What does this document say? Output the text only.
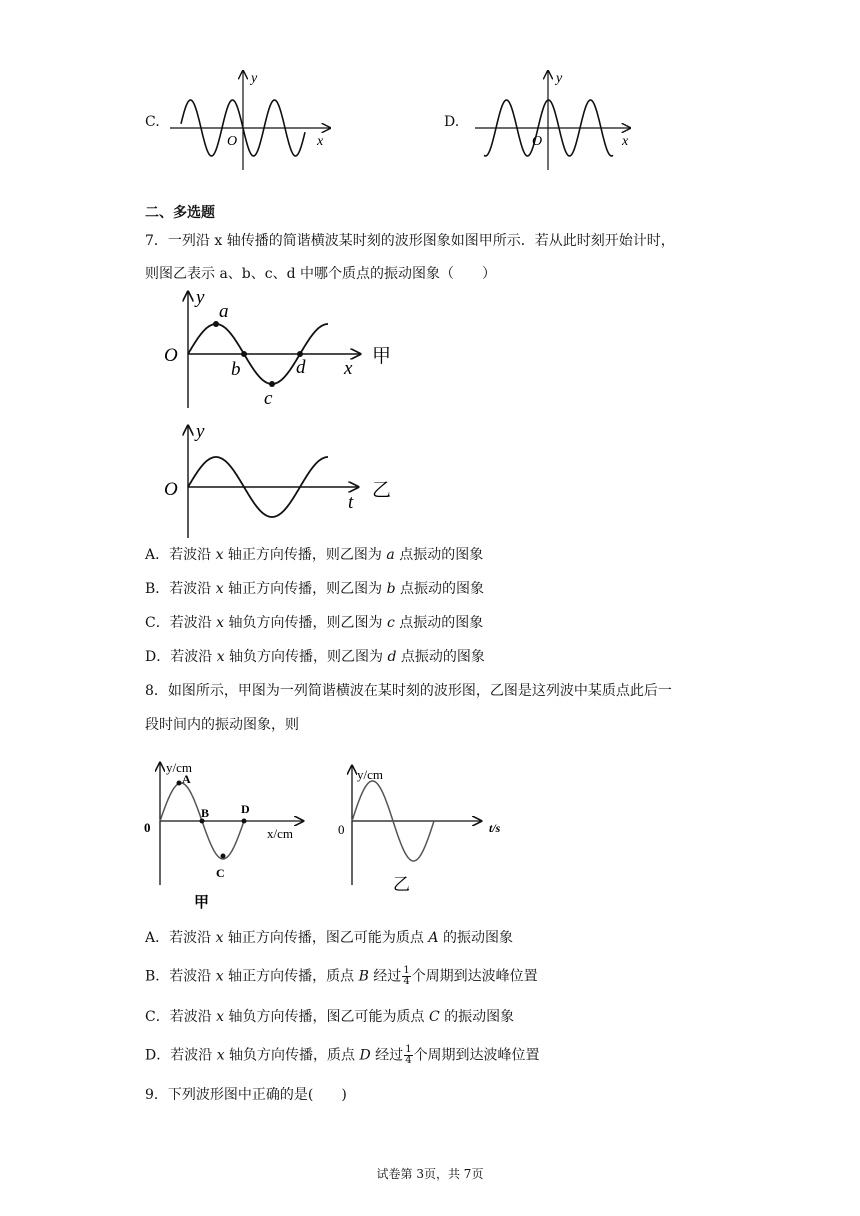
C.
y
x
O
D.
y
x
O
二、多选题
7．一列沿 x 轴传播的简谐横波某时刻的波形图象如图甲所示．若从此时刻开始计时，
则图乙表示 a、b、c、d 中哪个质点的振动图象（　　）
y
O
a
b
c
d x
甲
y
O
t
乙
A．若波沿 x 轴正方向传播，则乙图为 a 点振动的图象
B．若波沿 x 轴正方向传播，则乙图为 b 点振动的图象
C．若波沿 x 轴负方向传播，则乙图为 c 点振动的图象
D．若波沿 x 轴负方向传播，则乙图为 d 点振动的图象
8．如图所示，甲图为一列简谐横波在某时刻的波形图，乙图是这列波中某质点此后一
段时间内的振动图象，则
y/cm
0
A
B
C
D
x/cm
甲
y/cm
0	t/s
乙
A．若波沿 x 轴正方向传播，图乙可能为质点 A 的振动图象
B．若波沿 x 轴正方向传播，质点 B 经过 $\frac{1}{4}$ 个周期到达波峰位置
C．若波沿 x 轴负方向传播，图乙可能为质点 C 的振动图象
D．若波沿 x 轴负方向传播，质点 D 经过 $\frac{1}{4}$ 个周期到达波峰位置
9．下列波形图中正确的是(　　)
试卷第 3页，共 7页
